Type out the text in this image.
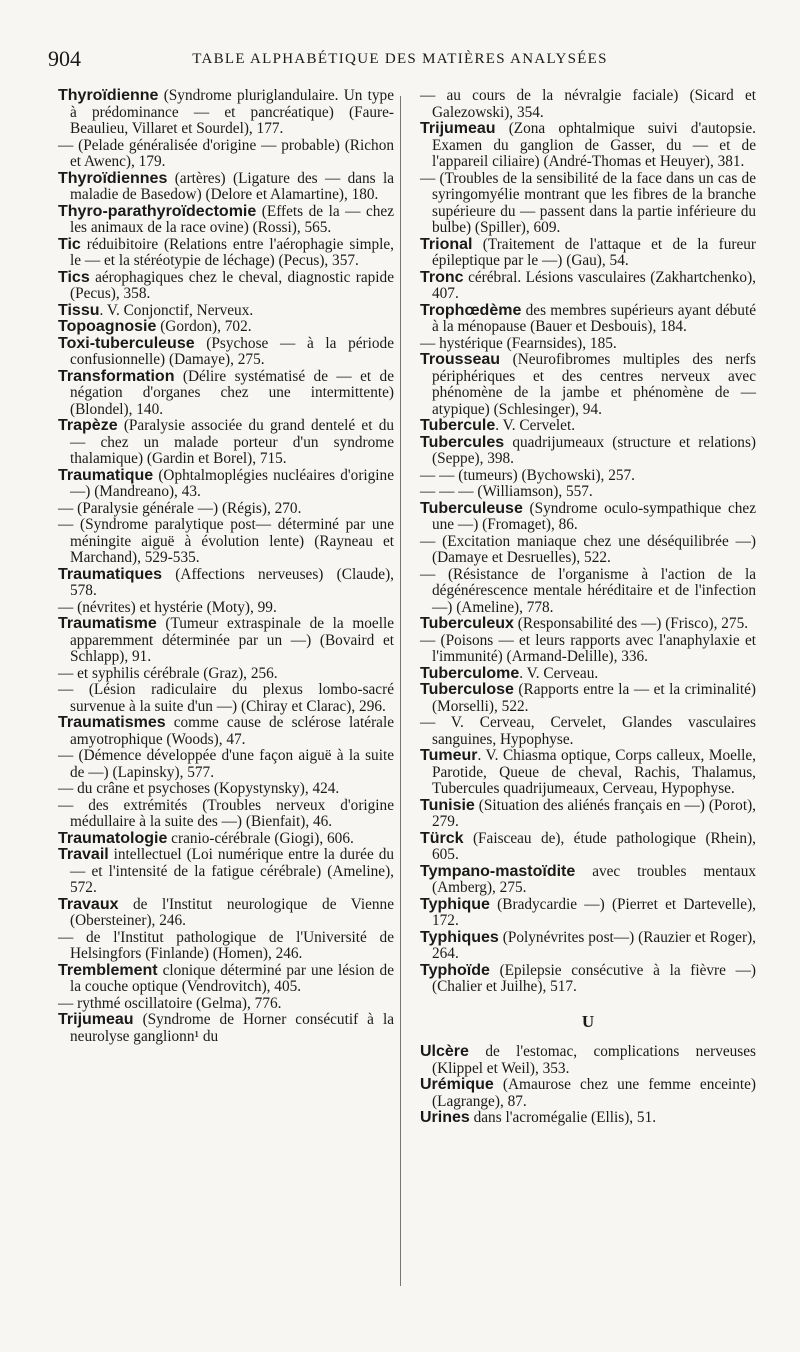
904	TABLE ALPHABÉTIQUE DES MATIÈRES ANALYSÉES

Thyroïdienne (Syndrome pluriglandulaire. Un type à prédominance — et pancréatique) (Faure-Beaulieu, Villaret et Sourdel), 177.

— (Pelade généralisée d'origine — probable) (Richon et Awenc), 179.

Thyroïdiennes (artères) (Ligature des — dans la maladie de Basedow) (Delore et Alamartine), 180.

Thyro-parathyroïdectomie (Effets de la — chez les animaux de la race ovine) (Rossi), 565.

Tic réduibitoire (Relations entre l'aérophagie simple, le — et la stéréotypie de léchage) (Pecus), 357.

Tics aérophagiques chez le cheval, diagnostic rapide (Pecus), 358.

Tissu. V. Conjonctif, Nerveux.

Topoagnosie (Gordon), 702.

Toxi-tuberculeuse (Psychose — à la période confusionnelle) (Damaye), 275.

Transformation (Délire systématisé de — et de négation d'organes chez une intermittente) (Blondel), 140.

Trapèze (Paralysie associée du grand dentelé et du — chez un malade porteur d'un syndrome thalamique) (Gardin et Borel), 715.

Traumatique (Ophtalmoplégies nucléaires d'origine —) (Mandreano), 43.

— (Paralysie générale —) (Régis), 270.

— (Syndrome paralytique post— déterminé par une méningite aiguë à évolution lente) (Rayneau et Marchand), 529-535.

Traumatiques (Affections nerveuses) (Claude), 578.

— (névrites) et hystérie (Moty), 99.

Traumatisme (Tumeur extraspinale de la moelle apparemment déterminée par un —) (Bovaird et Schlapp), 91.

— et syphilis cérébrale (Graz), 256.

— (Lésion radiculaire du plexus lombo-sacré survenue à la suite d'un —) (Chiray et Clarac), 296.

Traumatismes comme cause de sclérose latérale amyotrophique (Woods), 47.

— (Démence développée d'une façon aiguë à la suite de —) (Lapinsky), 577.

— du crâne et psychoses (Kopystynsky), 424.

— des extrémités (Troubles nerveux d'origine médullaire à la suite des —) (Bienfait), 46.

Traumatologie cranio-cérébrale (Giogi), 606.

Travail intellectuel (Loi numérique entre la durée du — et l'intensité de la fatigue cérébrale) (Ameline), 572.

Travaux de l'Institut neurologique de Vienne (Obersteiner), 246.

— de l'Institut pathologique de l'Université de Helsingfors (Finlande) (Homen), 246.

Tremblement clonique déterminé par une lésion de la couche optique (Vendrovitch), 405.

— rythmé oscillatoire (Gelma), 776.

Trijumeau (Syndrome de Horner consécutif à la neurolyse ganglionn¹ du

— au cours de la névralgie faciale) (Sicard et Galezowski), 354.

Trijumeau (Zona ophtalmique suivi d'autopsie. Examen du ganglion de Gasser, du — et de l'appareil ciliaire) (André-Thomas et Heuyer), 381.

— (Troubles de la sensibilité de la face dans un cas de syringomyélie montrant que les fibres de la branche supérieure du — passent dans la partie inférieure du bulbe) (Spiller), 609.

Trional (Traitement de l'attaque et de la fureur épileptique par le —) (Gau), 54.

Tronc cérébral. Lésions vasculaires (Zakhartchenko), 407.

Trophœdème des membres supérieurs ayant débuté à la ménopause (Bauer et Desbouis), 184.

— hystérique (Fearnsides), 185.

Trousseau (Neurofibromes multiples des nerfs périphériques et des centres nerveux avec phénomène de la jambe et phénomène de — atypique) (Schlesinger), 94.

Tubercule. V. Cervelet.

Tubercules quadrijumeaux (structure et relations) (Seppe), 398.

— — (tumeurs) (Bychowski), 257.

— — — (Williamson), 557.

Tuberculeuse (Syndrome oculo-sympathique chez une —) (Fromaget), 86.

— (Excitation maniaque chez une déséquilibrée —) (Damaye et Desruelles), 522.

— (Résistance de l'organisme à l'action de la dégénérescence mentale héréditaire et de l'infection —) (Ameline), 778.

Tuberculeux (Responsabilité des —) (Frisco), 275.

— (Poisons — et leurs rapports avec l'anaphylaxie et l'immunité) (Armand-Delille), 336.

Tuberculome. V. Cerveau.

Tuberculose (Rapports entre la — et la criminalité) (Morselli), 522.

— V. Cerveau, Cervelet, Glandes vasculaires sanguines, Hypophyse.

Tumeur. V. Chiasma optique, Corps calleux, Moelle, Parotide, Queue de cheval, Rachis, Thalamus, Tubercules quadrijumeaux, Cerveau, Hypophyse.

Tunisie (Situation des aliénés français en —) (Porot), 279.

Türck (Faisceau de), étude pathologique (Rhein), 605.

Tympano-mastoïdite avec troubles mentaux (Amberg), 275.

Typhique (Bradycardie —) (Pierret et Dartevelle), 172.

Typhiques (Polynévrites post—) (Rauzier et Roger), 264.

Typhoïde (Epilepsie consécutive à la fièvre —) (Chalier et Juilhe), 517.

U

Ulcère de l'estomac, complications nerveuses (Klippel et Weil), 353.

Urémique (Amaurose chez une femme enceinte) (Lagrange), 87.

Urines dans l'acromégalie (Ellis), 51.
